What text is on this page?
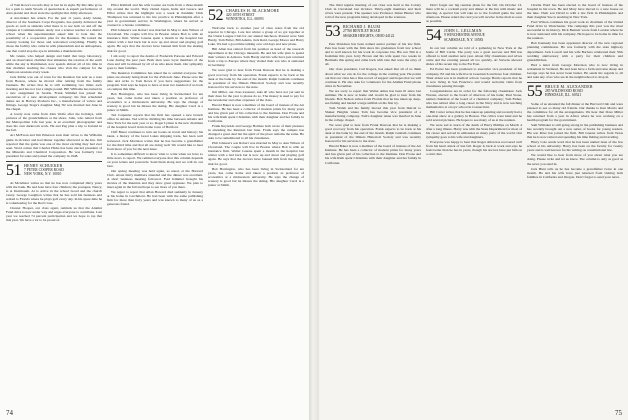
of Tom Rowe's records may at last be in sight. By this time grow for a path to tenth Woods of quarterback. A superb performance of Alex pianist and choir stole the spotlight that chilly afternoon.

A star-maker has arisen. For the past 11 years, Andy Glenn, director of the Southern Corps Programs, has quietly delivered the goods as well as students what there is to see both on and off the campus at Commencement. Andy was a science teacher at a district school when his superintendent asked him to look into the possibility of a cooperative plan for the Reunion. He toured the country looking for those and welcomed everything. Finally he chose the facility who came in with planetarium and an atmosphere, one that could stop the eye in stimulus a thunderstorm.

Mr. Glenn, who helped design and build that large laboratory, and an observation chamber that simulates the rotation of the earth while the sky is illuminated, now spends almost all of his time in that chamber teaching the classes who visit the campus for the afternoon sessions every week.

Jack Kibbe was out of town for the Reunion but sent us a note from Boston, where he moved after retiring from the family business. He writes that he is still swimming two miles each morning and has not lost a single pound. Bill Williams has turned in a new assignment in Seattle. Frank Stimmel has joined the executives of a new development company; his first scheduled duties are in Harvey Products Inc., a manufacturer of valves and fittings. George Stage's daughter Meg '82 was married last June in the chapel.

A lovely note came from John Wolfe after the holidays, with pictures of the grandchildren at the shore. John, who retired from the Metropolitan Life last year, is an excellent photographer and does his own darkroom work. He and Peg plan a trip to Ireland in the fall.

Art McEwan and Jim Emerson took their wives to the Williams game in October and had dinner together afterward at the Inn. Jim reported that the game was one of the most exciting they had ever seen. Word comes that Charles Hicks has been elected president of the Minerals and Chemical Corporation. He was formerly vice president for sales and joined the company in 1948.

51 HENRY SCHUEKER
7 PETER COOPER ROAD
NEW YORK, N.Y. 10010

Al McAlister writes us that he has now completed thirty years with the bank. He and Jean have four children; the youngest, Nancy, is at Dartmouth. Al is active in the school board and the church vestry. George Laughton writes that he has sold his business and retired to Florida where he plays golf every day. In his spare time he is volunteering for the Red Cross.

Chester Hooper, our class agent, reminds us that the Alumni Fund drive is now under way and urges everyone to contribute. Last year we reached 74 percent participation and we hope to top that this year. We have a lot to be proud of.

Elliot Kimball and his wife Louise are back from a three-month trip around the world. They visited Japan, India and Greece and Elliot writes that the highlight was a week in Kashmir. Dick Thompson has returned to his law practice in Philadelphia after a year in government service in Washington, where he served as counsel to a Senate committee.

Phil Johnson's son Robert was married in May to Ann Wilson of Cleveland. The couple will live in Boston where Bob is with an insurance firm. Walter Greene spent a month in the hospital last winter with a bad back but is now up and about and playing golf again. He says that the doctors have banned him from the skating rink for good.

I am sorry to report the deaths of Frederick Parsons and Edward Lane during the past year. Both men were loyal members of the class and will be missed by all of us who knew them. Our sympathy goes to their families.

The Reunion Committee has asked me to remind everyone that plans are already being made for the 45th next June. Please save the date and write to Tom Rowe if you have suggestions for the program. Tom says he hopes to have at least two hundred of us back on campus this time.

Bob Harrington, who has been living in Switzerland for ten years, has come home and taken a position as professor of economics at a midwestern university. He says the change of scenery is good but he misses the skiing. His daughter Carol is a junior at Smith.

Ted Carpenter reports that his firm has opened a new branch office in Atlanta. Ted will be dividing his time between Atlanta and New York for the next year or so. Roger Lyman is the new chairman of the hospital board in his home town of Hartford.

Cliff Bauer continues to turn out books on travel and history; his latest, a history of the Great Lakes shipping trade, has been well reviewed. Jack Morrison writes that he has become a grandfather for the third time and that all are doing well. We would like to hear from more of you for the next issue.

It is sometimes difficult to know what to write when we have so little news to report. We remind everyone that this column depends on your letters and postcards. Send them along and we will do our best.

Our spring meeting was held again, as usual, at the Harvard Club. About thirty members attended and the dinner was excellent. A short business meeting followed. Fred Kimmel brought his movies of the Reunion and they drew great applause. We plan to meet again in the fall and hope to see more of you there.

We regret to report that Allan Howard died suddenly in January at his home in Larchmont. He had been with the same publishing firm for more than forty years and was known to many of us as a generous friend.

52 CHARLES H. BLACKMORE
420 10TH STREET
WINNETKA, ILL. 60093

Welcome back to another year of class notes from the old reporter in Chicago. Late last winter a group of us got together at the Union League Club for our annual luncheon. Present were Sam Hardy, Tom Fuller, Bill Adams, Jack Reid, George Moore and Harry Lake. We had a good time talking over old days and new plans.

Bill Allen has retired from his position as head of the research department at the Chicago museum. He and his wife plan to spend their winters in Arizona. Sam Hardy and his wife have just returned from a trip to Europe where they visited their son who is stationed in Germany.

We were glad to hear from Frank Dawson that he is making a good recovery from his operation. Frank expects to be back at his desk at the bank by the end of the month. Ralph Graham continues as president of the Illinois Historical Society and was recently honored for his services to the state.

Jim Miller, our class treasurer, asks all who have not yet sent in their dues for the year to please do so. The money is used to pay for the newsletter and other expenses of the class.

Harold Baker is now a member of the board of trustees of the Art Institute. He has been a collector of modern prints for many years and has given part of his collection to the Institute. Don Evans and his wife Ruth spent Christmas with their daughter and her family in California.

Frank Reynolds and George Holmes both wrote of their pleasure in attending the Reunion last June. Frank says the campus has changed a great deal but the spirit of the place remains the same. He asks to be remembered to all his classmates.

Phil Johnson's son Robert was married in May to Ann Wilson of Cleveland. The couple will live in Boston where Bob is with an insurance firm. Walter Greene spent a month in the hospital last winter with a bad back but is now up and about and playing golf again. He says that the doctors have banned him from the skating rink for good.

Bob Harrington, who has been living in Switzerland for ten years, has come home and taken a position as professor of economics at a midwestern university. He says the change of scenery is good but he misses the skiing. His daughter Carol is a junior at Smith.

74

The third regular meeting of our class was held at the Colony Club in Cleveland last October. Thirty-eight members and their wives were present. The speaker was Professor James Hunter who told of the new programs being developed in the sciences.

53 RICHARD J. BLUM
27760 BENTLEY ROAD
SHAKER HEIGHTS, OHIO 44122

Pete Davidson has been named senior partner of his law firm. Pete has been with the firm since his graduation from law school and is well known for his work in corporate law. His son Tim is a freshman this year. Jerry Brown and his wife spent two weeks in Bermuda this spring and came back with tans that were the envy of all.

Our class president, Carl Rogers, has asked that all of us think about what we can do for the college in the coming year. He points out that our class has a fine record of support and hopes that we will continue it. He also asks for volunteers for the Alumni Fund phone drive in November.

We are sorry to report that Walter Ames has been ill since last summer. He is now at home and would be glad to hear from his friends. Bob Nelson writes from Florida that he has taken up deep-sea fishing and landed a large sailfish on his first try.

Tom Walsh and his family moved this year from Detroit to Shaker Heights where Tom has become vice president of a manufacturing company. Tom's daughter Anne was married in June in the college chapel.

We were glad to hear from Frank Dawson that he is making a good recovery from his operation. Frank expects to be back at his desk at the bank by the end of the month. Ralph Graham continues as president of the Illinois Historical Society and was recently honored for his services to the state.

Harold Baker is now a member of the board of trustees of the Art Institute. He has been a collector of modern prints for many years and has given part of his collection to the Institute. Don Evans and his wife Ruth spent Christmas with their daughter and her family in California.

Don't forget our big reunion plans for the fall. On October 13, there will be a cocktail party and dinner at the Inn with music and dancing. A special bus will take us to the football game the next afternoon. Please return the card you will receive in the mail as soon as possible.

54 JOHN L. LELLMAN
9 WINCHESTER AVENUE
SCARSDALE, N.Y. 10583

In our last column we told of a gathering in New York at the home of Bill Curtis. The party was a great success and Bill has offered to hold another next year. About fifty classmates and wives came and the evening passed all too quickly. Al Stevens showed slides of his recent trip to the Far East.

Ed Porter has been promoted to executive vice president of his company. Ed and his wife live in Greenwich and have four children. Their eldest son is in medical school. George Harris reports that he is now living in San Francisco and would welcome visits from classmates passing through.

Congratulations are in order for the following classmates: Jack Warren, elected to the board of directors of his bank; Paul Stone, named chairman of the board of a chemical company; Tom Fisher, who has retired after a long career in the Navy and is now teaching mathematics at a boys' school in Connecticut.

Bill Carter writes that he has taken up painting and recently had a one-man show at a gallery in Boston. The critics were kind and he sold several pictures. He hopes to see many of us at the reunion.

We were sad to learn of the death of Harry Phillips on March 4 after a long illness. Harry was with the State Department for most of his career and served in embassies in many parts of the world. Our sympathy goes to his wife and daughters.

Everyone was happy to hear that Roger Allen has recovered well from his heart attack of last fall. Roger is back at work and says he feels better than he has in years, though his doctors have put him on a strict diet.

Charlie Ward has been elected to the board of trustees of the hospital in his town. He and Mary have moved to a new house on the lake. Their son David is with a law firm in Philadelphia and their daughter Sue is teaching in New York.

Fred Wilson continues his good work as chairman of the United Fund drive in Westchester. The campaign this year was the most successful in its history. Dick Bennett wrote from London where he is now stationed with his company. He hopes to be home in time for the reunion.

Bob Kennedy has been appointed director of the new regional planning commission. He was formerly with the state highway department. Jack Lowell and his wife Barbara celebrated their 35th wedding anniversary with a party for their children and grandchildren.

Had a letter from George Morrison who is now living in retirement in Vermont. He and Jean have a farm and raise sheep and George says he has never been busier. He sends his regards to all and asks any of us who are in the neighborhood to drop in.

55 BRUCE M. ALEXANDER
285 WILDWOOD ROAD
HINSDALE, ILL. 60521

Some of us attended the fall dinner at the Harvard Club and were pleased to see so many old friends. Our thanks to Ken Morris and the committee for all the arrangements. We hear that Dave Miller has returned from a year in Africa where he was working on a health program for the government.

Sam Whitaker is still going strong in the publishing business and has recently brought out a new series of books for young readers. His son Peter has joined the firm. Bill Greene writes from Texas that he is now retired and spending his time fishing and traveling.

Harry Cole sends word that he has been named dean of the law school at his university. Harry has been on the faculty for twenty years and is well known for his writing on constitutional law.

We would like to hear from more of you about what you are doing. Please write and let us know. The column is only as good as the news you send in.

Jack Hunt tells us he has become a grandfather twice in one month. He and his wife have just returned from visiting both families in California and Oregon. Don't forget to send your news.

75
